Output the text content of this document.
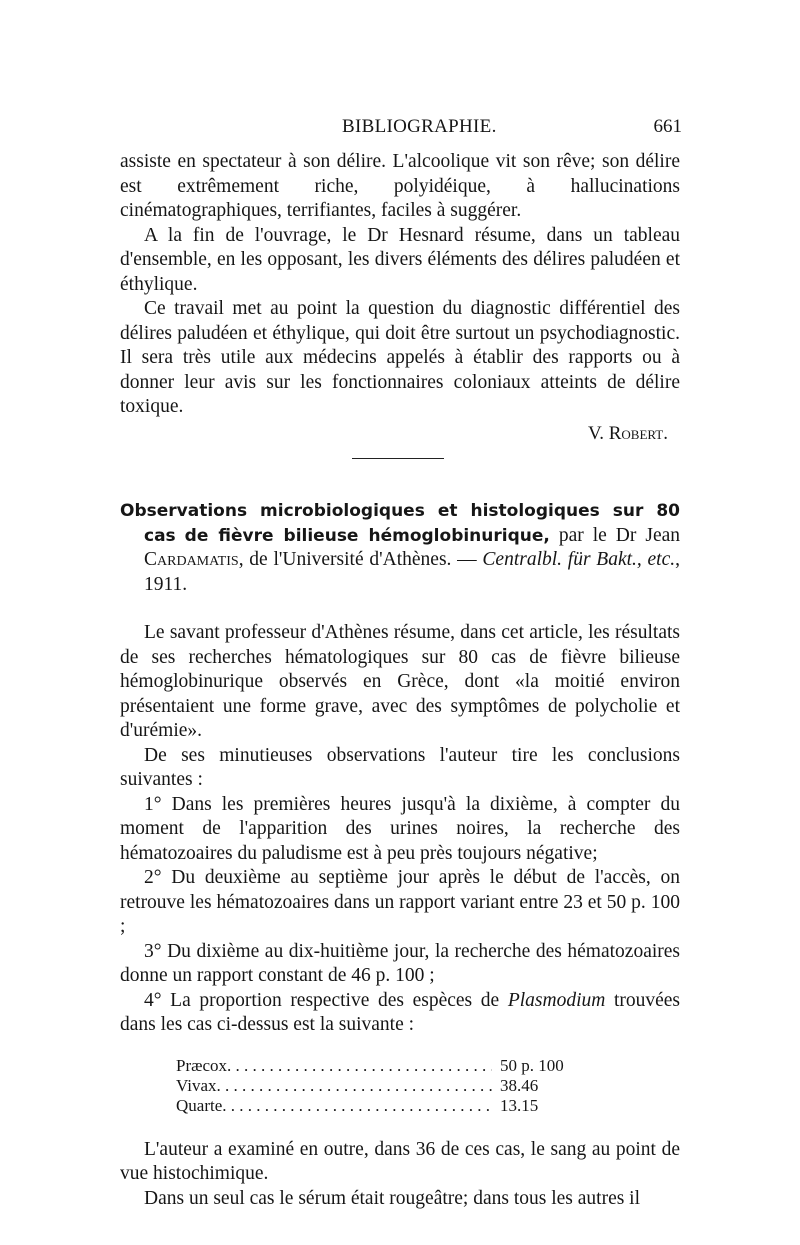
BIBLIOGRAPHIE.	661

assiste en spectateur à son délire. L'alcoolique vit son rêve; son délire est extrêmement riche, polyidéique, à hallucinations cinématographiques, terrifiantes, faciles à suggérer.

A la fin de l'ouvrage, le Dr Hesnard résume, dans un tableau d'ensemble, en les opposant, les divers éléments des délires paludéen et éthylique.

Ce travail met au point la question du diagnostic différentiel des délires paludéen et éthylique, qui doit être surtout un psychodiagnostic. Il sera très utile aux médecins appelés à établir des rapports ou à donner leur avis sur les fonctionnaires coloniaux atteints de délire toxique.

V. Robert.

Observations microbiologiques et histologiques sur 80 cas de fièvre bilieuse hémoglobinurique, par le Dr Jean Cardamatis, de l'Université d'Athènes. — Centralbl. für Bakt., etc., 1911.

Le savant professeur d'Athènes résume, dans cet article, les résultats de ses recherches hématologiques sur 80 cas de fièvre bilieuse hémoglobinurique observés en Grèce, dont «la moitié environ présentaient une forme grave, avec des symptômes de polycholie et d'urémie».

De ses minutieuses observations l'auteur tire les conclusions suivantes :

1° Dans les premières heures jusqu'à la dixième, à compter du moment de l'apparition des urines noires, la recherche des hématozoaires du paludisme est à peu près toujours négative;

2° Du deuxième au septième jour après le début de l'accès, on retrouve les hématozoaires dans un rapport variant entre 23 et 50 p. 100 ;

3° Du dixième au dix-huitième jour, la recherche des hématozoaires donne un rapport constant de 46 p. 100 ;

4° La proportion respective des espèces de Plasmodium trouvées dans les cas ci-dessus est la suivante :

Præcox . . .	50 p. 100
Vivax . . .	38.46
Quarte . . .	13.15

L'auteur a examiné en outre, dans 36 de ces cas, le sang au point de vue histochimique.

Dans un seul cas le sérum était rougeâtre; dans tous les autres il
